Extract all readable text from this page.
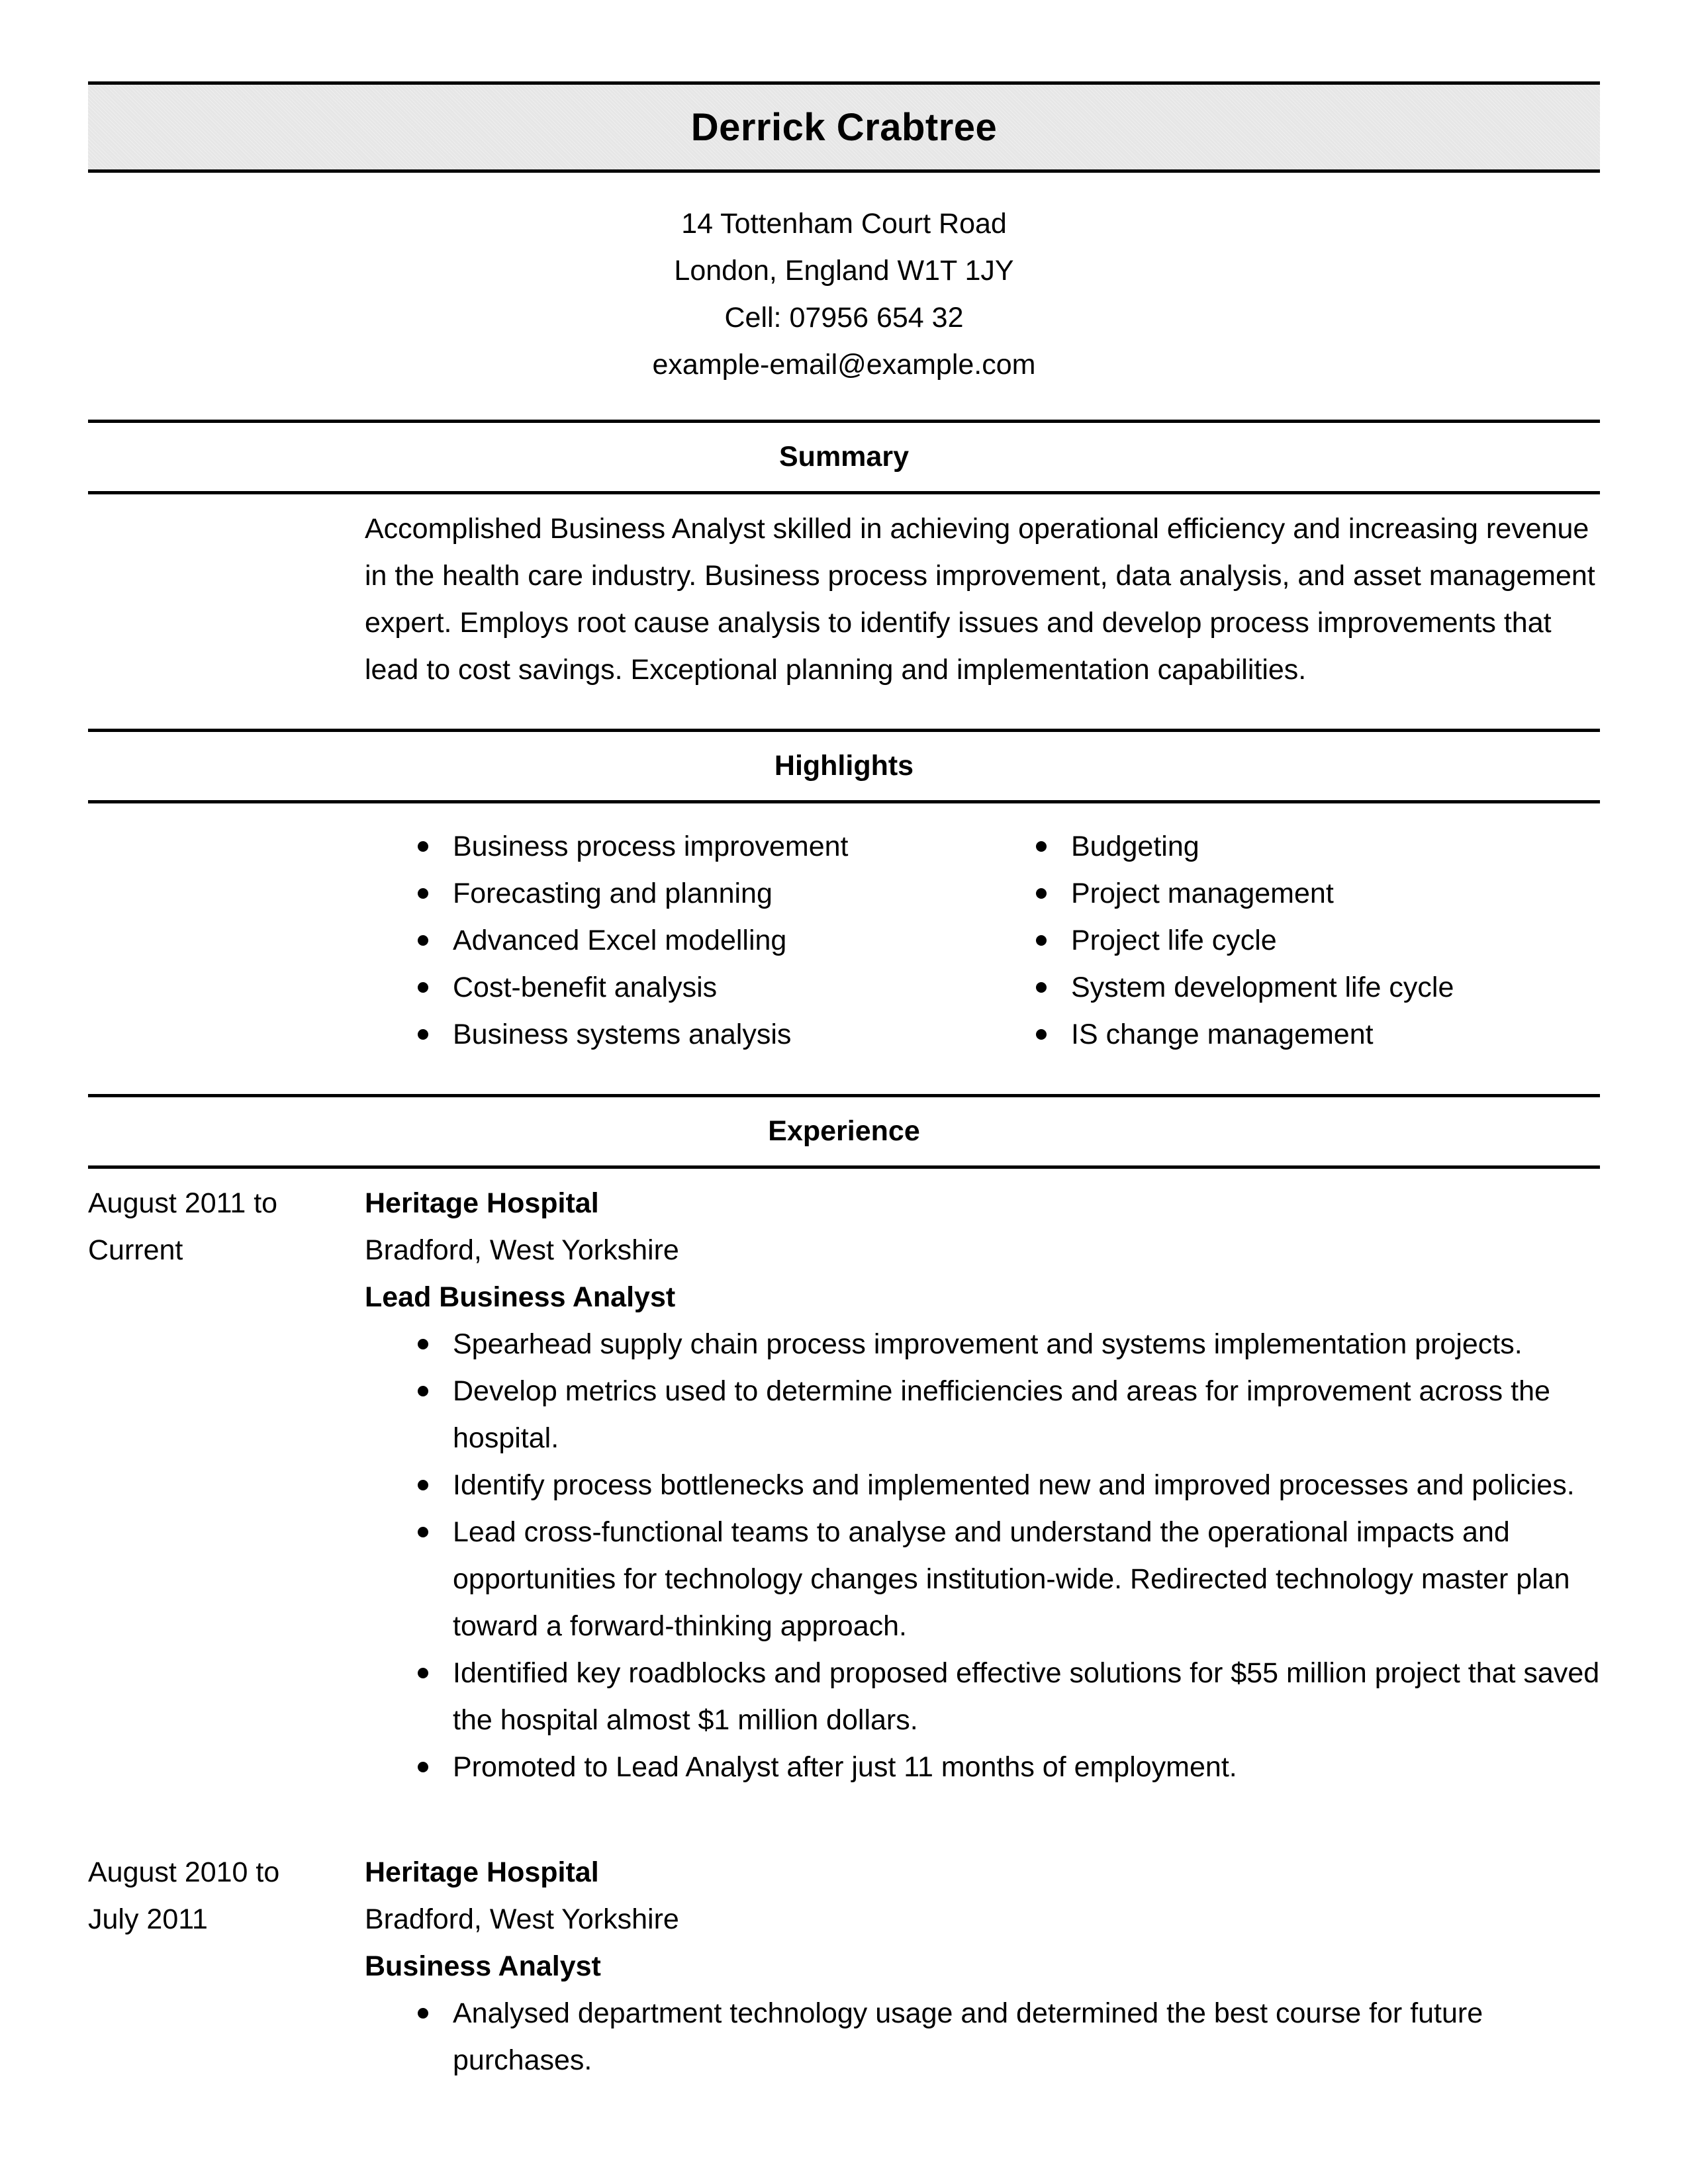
Derrick Crabtree
14 Tottenham Court Road
London, England W1T 1JY
Cell: 07956 654 32
example-email@example.com
Summary
Accomplished Business Analyst skilled in achieving operational efficiency and increasing revenue in the health care industry. Business process improvement, data analysis, and asset management expert. Employs root cause analysis to identify issues and develop process improvements that lead to cost savings. Exceptional planning and implementation capabilities.
Highlights
Business process improvement
Forecasting and planning
Advanced Excel modelling
Cost-benefit analysis
Business systems analysis
Budgeting
Project management
Project life cycle
System development life cycle
IS change management
Experience
August 2011 to
Current
Heritage Hospital
Bradford, West Yorkshire
Lead Business Analyst
Spearhead supply chain process improvement and systems implementation projects.
Develop metrics used to determine inefficiencies and areas for improvement across the hospital.
Identify process bottlenecks and implemented new and improved processes and policies.
Lead cross-functional teams to analyse and understand the operational impacts and opportunities for technology changes institution-wide. Redirected technology master plan toward a forward-thinking approach.
Identified key roadblocks and proposed effective solutions for $55 million project that saved the hospital almost $1 million dollars.
Promoted to Lead Analyst after just 11 months of employment.
August 2010 to
July 2011
Heritage Hospital
Bradford, West Yorkshire
Business Analyst
Analysed department technology usage and determined the best course for future purchases.
